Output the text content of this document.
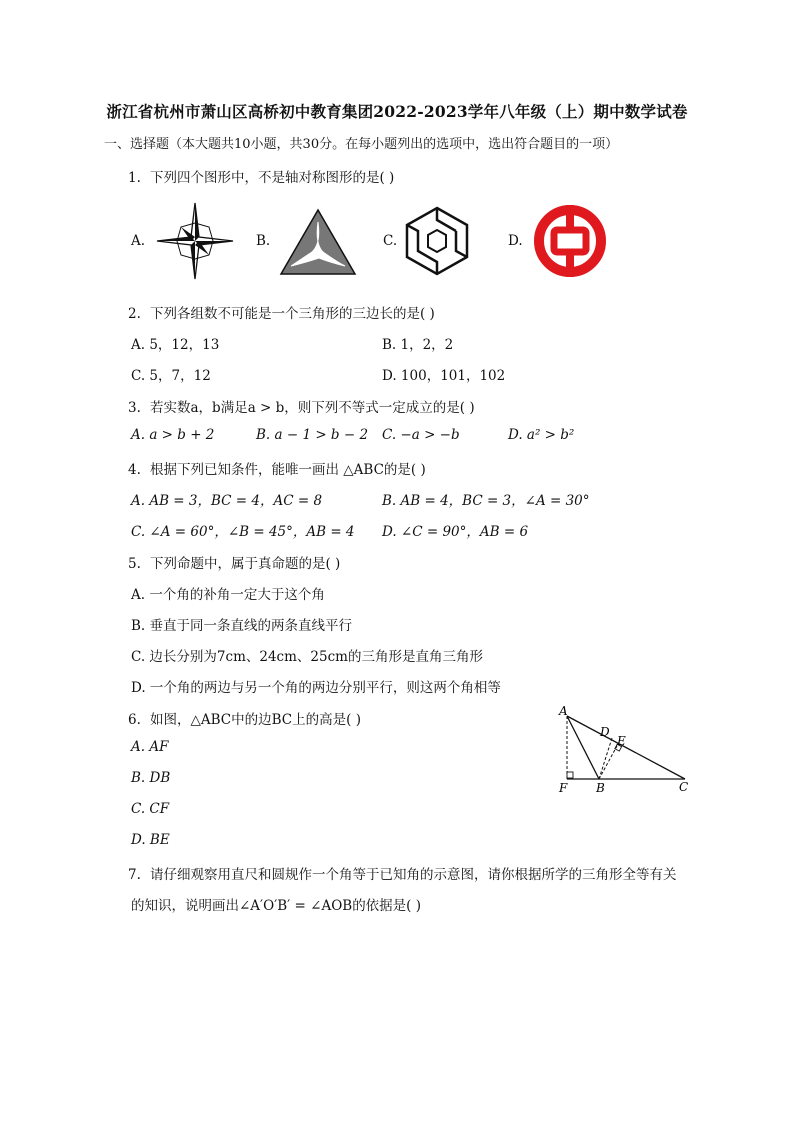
浙江省杭州市萧山区高桥初中教育集团2022-2023学年八年级（上）期中数学试卷
一、选择题（本大题共10小题，共30分。在每小题列出的选项中，选出符合题目的一项）
1. 下列四个图形中，不是轴对称图形的是( )
A.	B.	C.	D.
2. 下列各组数不可能是一个三角形的三边长的是( )
A. 5，12，13	B. 1，2，2
C. 5，7，12	D. 100，101，102
3. 若实数a，b满足a > b，则下列不等式一定成立的是( )
A. a > b + 2	B. a − 1 > b − 2 C. −a > −b	D. a² > b²
4. 根据下列已知条件，能唯一画出 △ABC的是( )
A. AB = 3，BC = 4，AC = 8	B. AB = 4，BC = 3，∠A = 30°
C. ∠A = 60°，∠B = 45°，AB = 4 D. ∠C = 90°，AB = 6
5. 下列命题中，属于真命题的是( )
A. 一个角的补角一定大于这个角
B. 垂直于同一条直线的两条直线平行
C. 边长分别为7cm、24cm、25cm的三角形是直角三角形
D. 一个角的两边与另一个角的两边分别平行，则这两个角相等
6. 如图，△ABC中的边BC上的高是( )
A. AF
B. DB
C. CF
D. BE
A
D
E
F B	C
7. 请仔细观察用直尺和圆规作一个角等于已知角的示意图，请你根据所学的三角形全等有关
的知识，说明画出∠A′O′B′ = ∠AOB的依据是( )
